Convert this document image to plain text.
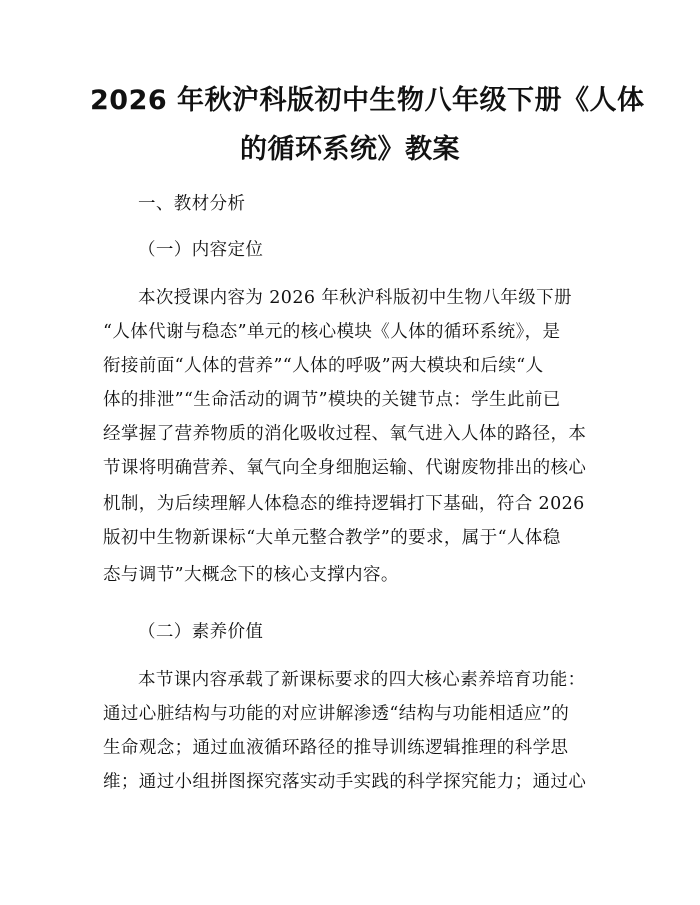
2026 年秋沪科版初中生物八年级下册《人体
的循环系统》教案
一、教材分析
（一）内容定位
本次授课内容为 2026 年秋沪科版初中生物八年级下册
“人体代谢与稳态”单元的核心模块《人体的循环系统》，是
衔接前面“人体的营养”“人体的呼吸”两大模块和后续“人
体的排泄”“生命活动的调节”模块的关键节点：学生此前已
经掌握了营养物质的消化吸收过程、氧气进入人体的路径，本
节课将明确营养、氧气向全身细胞运输、代谢废物排出的核心
机制，为后续理解人体稳态的维持逻辑打下基础，符合 2026
版初中生物新课标“大单元整合教学”的要求，属于“人体稳
态与调节”大概念下的核心支撑内容。
（二）素养价值
本节课内容承载了新课标要求的四大核心素养培育功能：
通过心脏结构与功能的对应讲解渗透“结构与功能相适应”的
生命观念；通过血液循环路径的推导训练逻辑推理的科学思
维；通过小组拼图探究落实动手实践的科学探究能力；通过心
